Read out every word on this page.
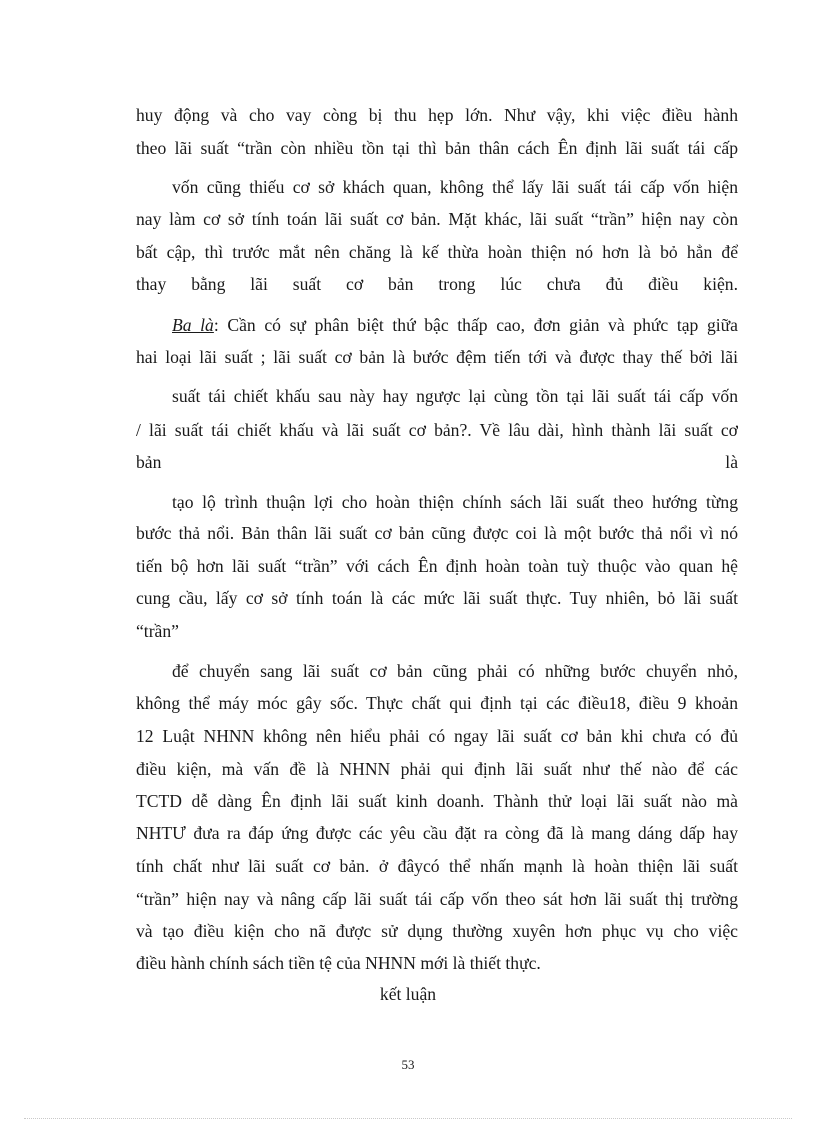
huy động và cho vay còng bị thu hẹp lớn. Như vậy, khi việc điều hành
theo lãi suất “trần còn nhiều tồn tại thì bản thân cách Ên định lãi suất tái cấp
vốn cũng thiếu cơ sở khách quan, không thể lấy lãi suất tái cấp vốn hiện
nay làm cơ sở tính toán lãi suất cơ bản. Mặt khác, lãi suất “trần” hiện nay còn
bất cập, thì trước mắt nên chăng là kế thừa hoàn thiện nó hơn là bỏ hẳn để
thay bằng lãi suất cơ bản trong lúc chưa đủ điều kiện.
Ba là: Cần có sự phân biệt thứ bậc thấp cao, đơn giản và phức tạp giữa
hai loại lãi suất ; lãi suất cơ bản là bước đệm tiến tới và được thay thế bởi lãi
suất tái chiết khấu sau này hay ngược lại cùng tồn tại lãi suất tái cấp vốn
/ lãi suất tái chiết khấu và lãi suất cơ bản?. Về lâu dài, hình thành lãi suất cơ
bản là
tạo lộ trình thuận lợi cho hoàn thiện chính sách lãi suất theo hướng từng
bước thả nổi. Bản thân lãi suất cơ bản cũng được coi là một bước thả nổi vì nó
tiến bộ hơn lãi suất “trần” với cách Ên định hoàn toàn tuỳ thuộc vào quan hệ
cung cầu, lấy cơ sở tính toán là các mức lãi suất thực. Tuy nhiên, bỏ lãi suất
“trần”
để chuyển sang lãi suất cơ bản cũng phải có những bước chuyển nhỏ,
không thể máy móc gây sốc. Thực chất qui định tại các điều18, điều 9 khoản
12 Luật NHNN không nên hiểu phải có ngay lãi suất cơ bản khi chưa có đủ
điều kiện, mà vấn đề là NHNN phải qui định lãi suất như thế nào để các
TCTD dễ dàng Ên định lãi suất kinh doanh. Thành thử loại lãi suất nào mà
NHTƯ đưa ra đáp ứng được các yêu cầu đặt ra còng đã là mang dáng dấp hay
tính chất như lãi suất cơ bản. ở đâycó thể nhấn mạnh là hoàn thiện lãi suất
“trần” hiện nay và nâng cấp lãi suất tái cấp vốn theo sát hơn lãi suất thị trường
và tạo điều kiện cho nã được sử dụng thường xuyên hơn phục vụ cho việc
điều hành chính sách tiền tệ của NHNN mới là thiết thực.
kết luận
53
